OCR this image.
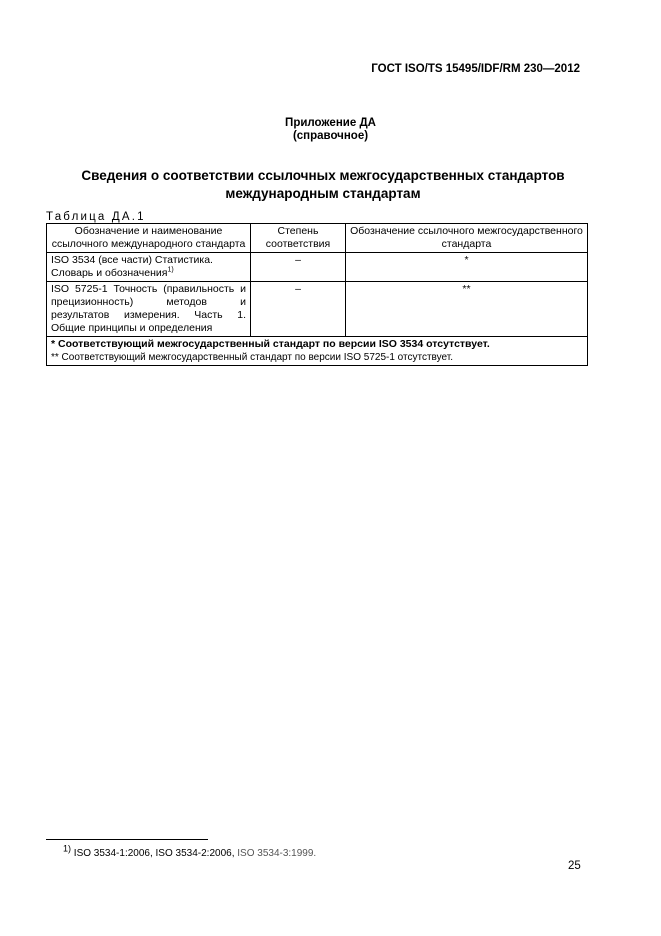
ГОСТ ISO/TS 15495/IDF/RM 230—2012
Приложение ДА
(справочное)
Сведения о соответствии ссылочных межгосударственных стандартов
международным стандартам
Таблица ДА.1
Обозначение и наименование ссылочного международного стандарта	Степень соответствия	Обозначение ссылочного межгосударственного стандарта
ISO 3534 (все части) Статистика. Словарь и обозначения$^{1)}$	–	*
ISO 5725-1 Точность (правильность и прецизионность) методов и результатов измерения. Часть 1. Общие принципы и определения	–	**

* Соответствующий межгосударственный стандарт по версии ISO 3534 отсутствует.
** Соответствующий межгосударственный стандарт по версии ISO 5725-1 отсутствует.		
$^{1)}$ ISO 3534-1:2006, ISO 3534-2:2006, ISO 3534-3:1999.
25
